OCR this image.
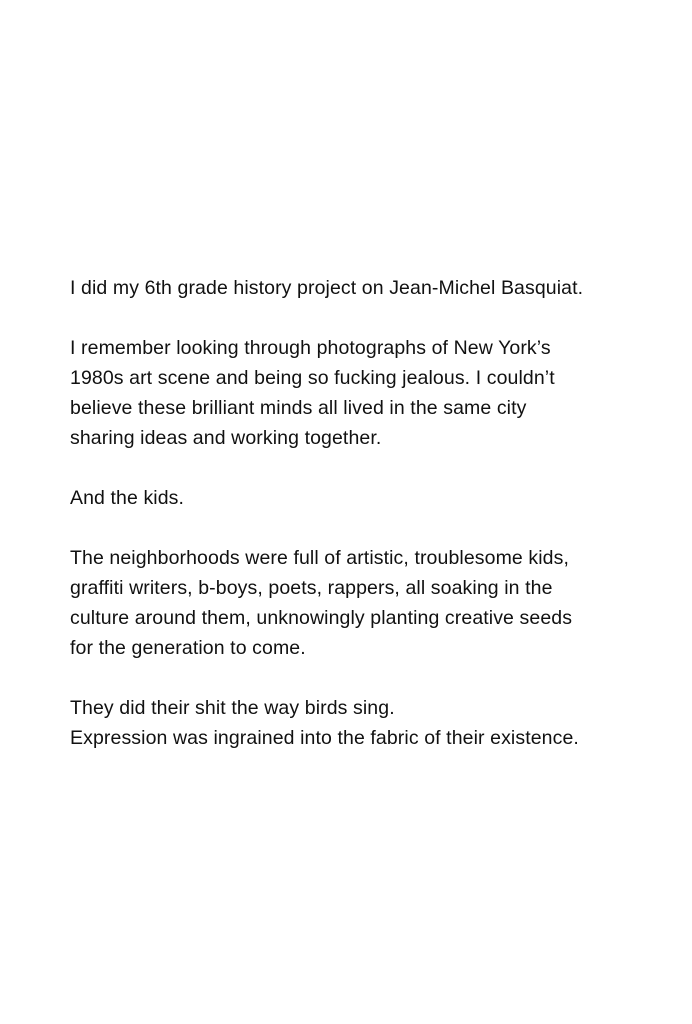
I did my 6th grade history project on Jean-Michel Basquiat.

I remember looking through photographs of New York’s
1980s art scene and being so fucking jealous. I couldn’t
believe these brilliant minds all lived in the same city
sharing ideas and working together.

And the kids.

The neighborhoods were full of artistic, troublesome kids,
graffiti writers, b-boys, poets, rappers, all soaking in the
culture around them, unknowingly planting creative seeds
for the generation to come.

They did their shit the way birds sing.
Expression was ingrained into the fabric of their existence.
